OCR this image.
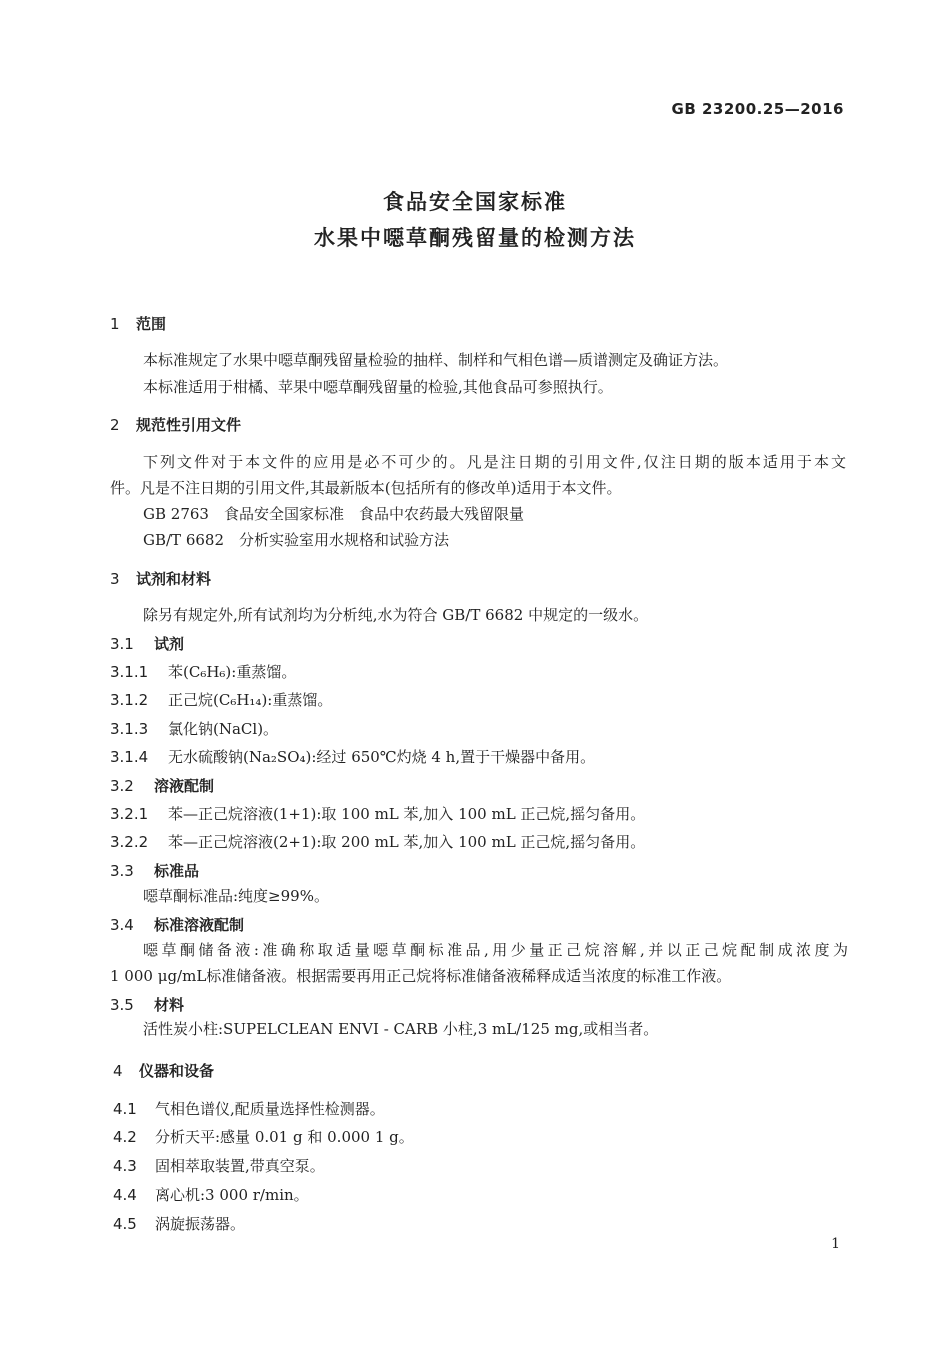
GB 23200.25—2016
食品安全国家标准
水果中噁草酮残留量的检测方法
1 范围
本标准规定了水果中噁草酮残留量检验的抽样、制样和气相色谱—质谱测定及确证方法。
本标准适用于柑橘、苹果中噁草酮残留量的检验,其他食品可参照执行。
2 规范性引用文件
下列文件对于本文件的应用是必不可少的。凡是注日期的引用文件,仅注日期的版本适用于本文
件。凡是不注日期的引用文件,其最新版本(包括所有的修改单)适用于本文件。
GB 2763　食品安全国家标准　食品中农药最大残留限量
GB/T 6682　分析实验室用水规格和试验方法
3 试剂和材料
除另有规定外,所有试剂均为分析纯,水为符合 GB/T 6682 中规定的一级水。
3.1 试剂
3.1.1 苯(C₆H₆):重蒸馏。
3.1.2 正己烷(C₆H₁₄):重蒸馏。
3.1.3 氯化钠(NaCl)。
3.1.4 无水硫酸钠(Na₂SO₄):经过 650℃灼烧 4 h,置于干燥器中备用。
3.2 溶液配制
3.2.1 苯—正己烷溶液(1+1):取 100 mL 苯,加入 100 mL 正己烷,摇匀备用。
3.2.2 苯—正己烷溶液(2+1):取 200 mL 苯,加入 100 mL 正己烷,摇匀备用。
3.3 标准品
噁草酮标准品:纯度≥99%。
3.4 标准溶液配制
噁草酮储备液:准确称取适量噁草酮标准品,用少量正己烷溶解,并以正己烷配制成浓度为
1 000 μg/mL标准储备液。根据需要再用正己烷将标准储备液稀释成适当浓度的标准工作液。
3.5 材料
活性炭小柱:SUPELCLEAN ENVI - CARB 小柱,3 mL/125 mg,或相当者。
4 仪器和设备
4.1 气相色谱仪,配质量选择性检测器。
4.2 分析天平:感量 0.01 g 和 0.000 1 g。
4.3 固相萃取装置,带真空泵。
4.4 离心机:3 000 r/min。
4.5 涡旋振荡器。
1
